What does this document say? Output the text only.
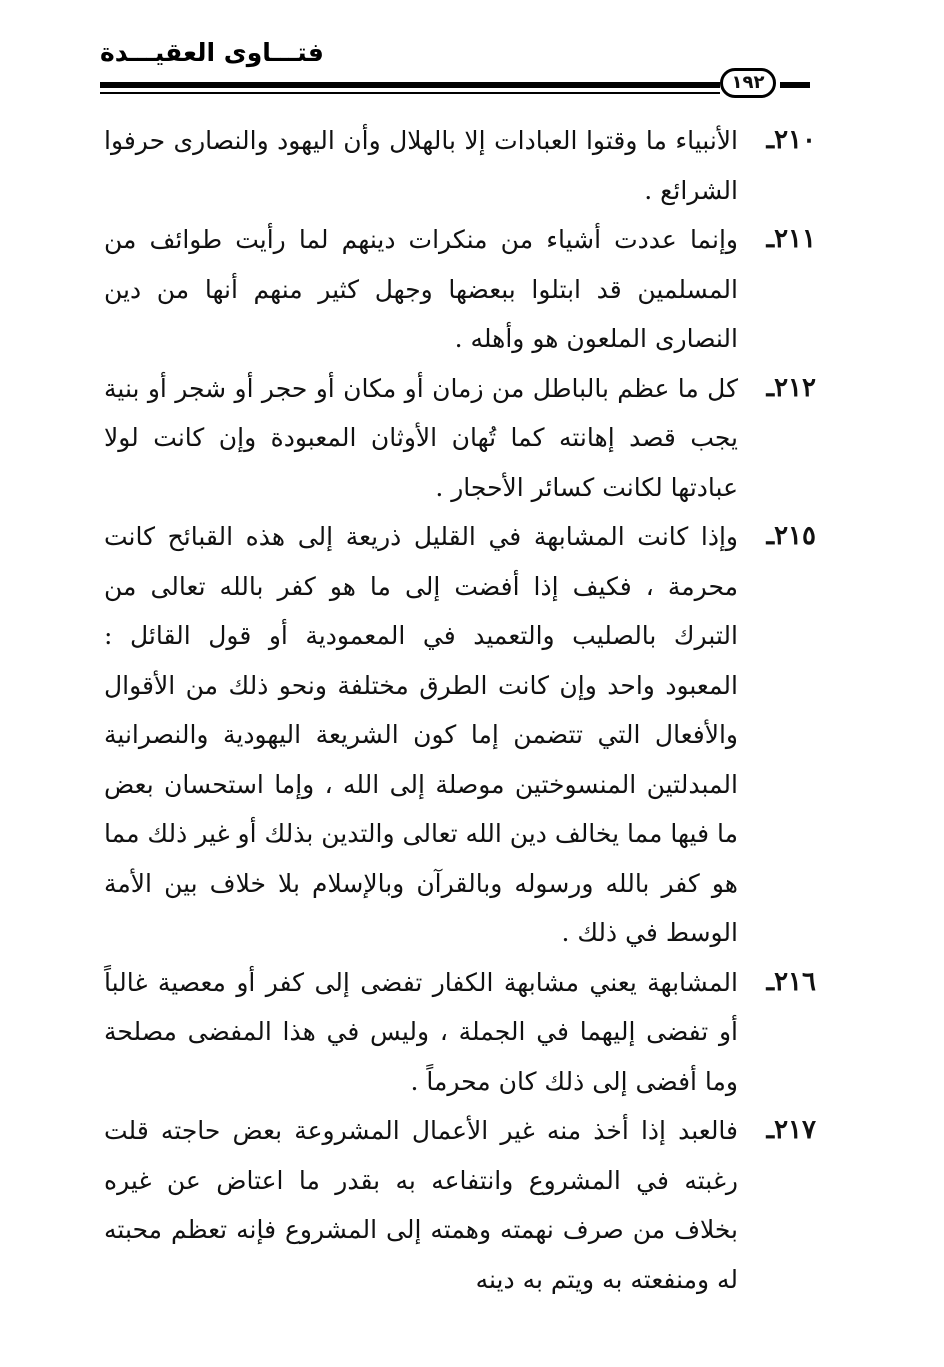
فتـــاوى العقيـــدة
١٩٢
٢١٠ـ
الأنبياء ما وقتوا العبادات إلا بالهلال وأن اليهود والنصارى حرفوا الشرائع .
٢١١ـ
وإنما عددت أشياء من منكرات دينهم لما رأيت طوائف من المسلمين قد ابتلوا ببعضها وجهل كثير منهم أنها من دين النصارى الملعون هو وأهله .
٢١٢ـ
كل ما عظم بالباطل من زمان أو مكان أو حجر أو شجر أو بنية يجب قصد إهانته كما تُهان الأوثان المعبودة وإن كانت لولا عبادتها لكانت كسائر الأحجار .
٢١٥ـ
وإذا كانت المشابهة في القليل ذريعة إلى هذه القبائح كانت محرمة ، فكيف إذا أفضت إلى ما هو كفر بالله تعالى من التبرك بالصليب والتعميد في المعمودية أو قول القائل : المعبود واحد وإن كانت الطرق مختلفة ونحو ذلك من الأقوال والأفعال التي تتضمن إما كون الشريعة اليهودية والنصرانية المبدلتين المنسوختين موصلة إلى الله ، وإما استحسان بعض ما فيها مما يخالف دين الله تعالى والتدين بذلك أو غير ذلك مما هو كفر بالله ورسوله وبالقرآن وبالإسلام بلا خلاف بين الأمة الوسط في ذلك .
٢١٦ـ
المشابهة يعني مشابهة الكفار تفضى إلى كفر أو معصية غالباً أو تفضى إليهما في الجملة ، وليس في هذا المفضى مصلحة وما أفضى إلى ذلك كان محرماً .
٢١٧ـ
فالعبد إذا أخذ منه غير الأعمال المشروعة بعض حاجته قلت رغبته في المشروع وانتفاعه به بقدر ما اعتاض عن غيره بخلاف من صرف نهمته وهمته إلى المشروع فإنه تعظم محبته له ومنفعته به ويتم به دينه
